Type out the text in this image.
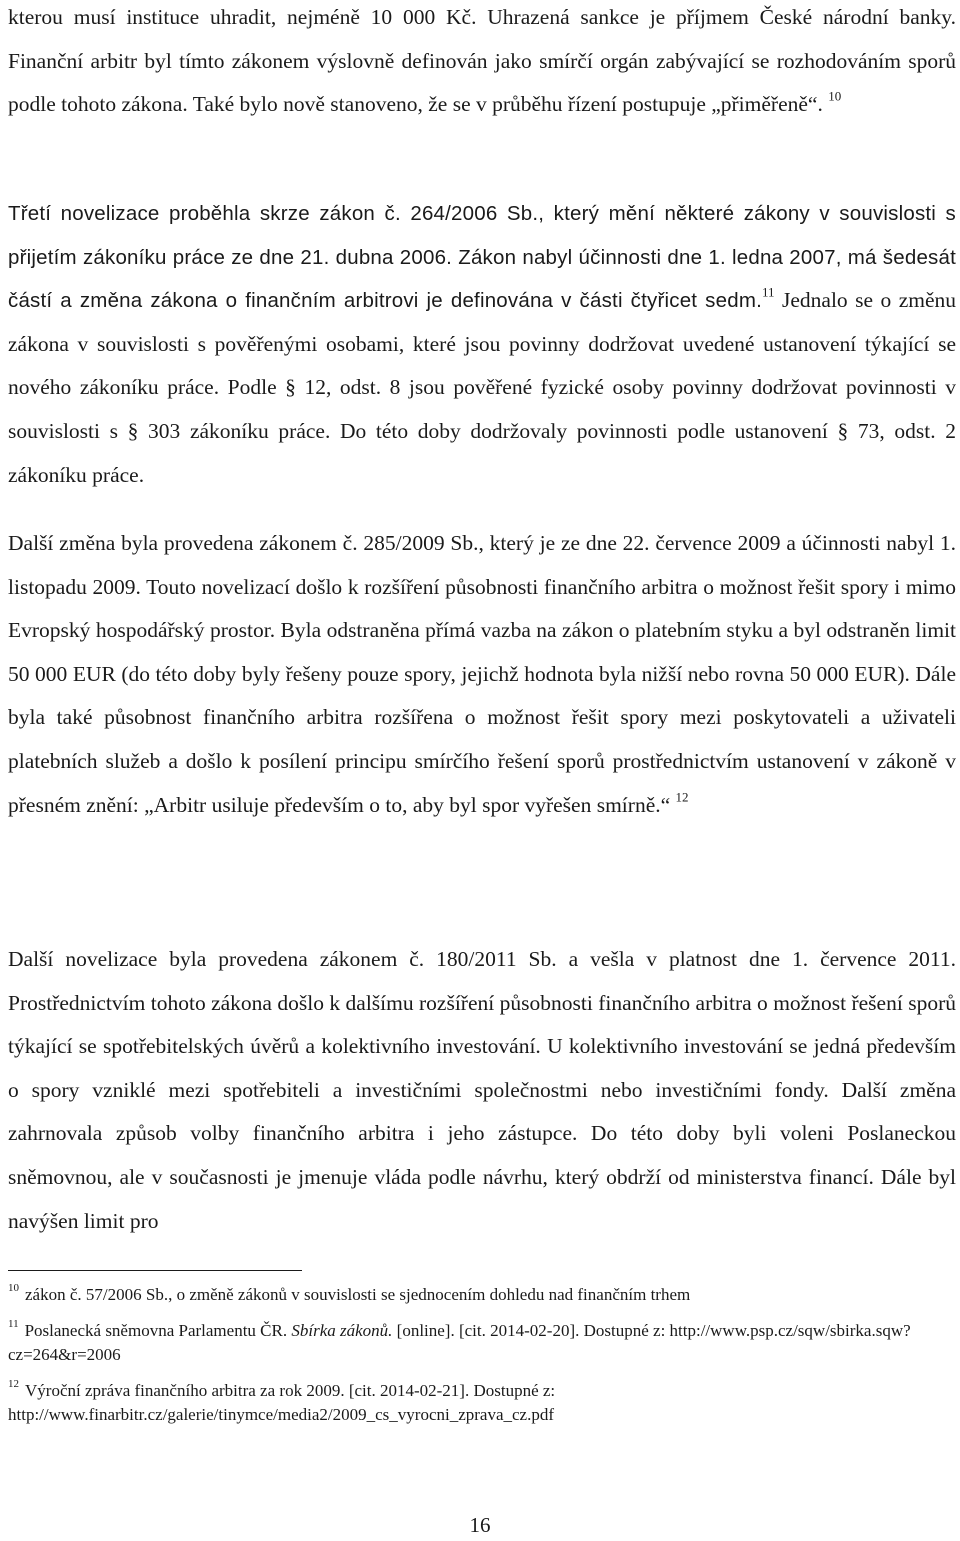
kterou musí instituce uhradit, nejméně 10 000 Kč. Uhrazená sankce je příjmem České národní banky. Finanční arbitr byl tímto zákonem výslovně definován jako smírčí orgán zabývající se rozhodováním sporů podle tohoto zákona. Také bylo nově stanoveno, že se v průběhu řízení postupuje „přiměřeně“. $^{10}$

Třetí novelizace proběhla skrze zákon č. 264/2006 Sb., který mění některé zákony v souvislosti s přijetím zákoníku práce ze dne 21. dubna 2006. Zákon nabyl účinnosti dne 1. ledna 2007, má šedesát částí a změna zákona o finančním arbitrovi je definována v části čtyřicet sedm.$^{11}$ Jednalo se o změnu zákona v souvislosti s pověřenými osobami, které jsou povinny dodržovat uvedené ustanovení týkající se nového zákoníku práce. Podle § 12, odst. 8 jsou pověřené fyzické osoby povinny dodržovat povinnosti v souvislosti s § 303 zákoníku práce. Do této doby dodržovaly povinnosti podle ustanovení § 73, odst. 2 zákoníku práce.

Další změna byla provedena zákonem č. 285/2009 Sb., který je ze dne 22. července 2009 a účinnosti nabyl 1. listopadu 2009. Touto novelizací došlo k rozšíření působnosti finančního arbitra o možnost řešit spory i mimo Evropský hospodářský prostor. Byla odstraněna přímá vazba na zákon o platebním styku a byl odstraněn limit 50 000 EUR (do této doby byly řešeny pouze spory, jejichž hodnota byla nižší nebo rovna 50 000 EUR). Dále byla také působnost finančního arbitra rozšířena o možnost řešit spory mezi poskytovateli a uživateli platebních služeb a došlo k posílení principu smírčího řešení sporů prostřednictvím ustanovení v zákoně v přesném znění: „Arbitr usiluje především o to, aby byl spor vyřešen smírně.“ $^{12}$

Další novelizace byla provedena zákonem č. 180/2011 Sb. a vešla v platnost dne 1. července 2011. Prostřednictvím tohoto zákona došlo k dalšímu rozšíření působnosti finančního arbitra o možnost řešení sporů týkající se spotřebitelských úvěrů a kolektivního investování. U kolektivního investování se jedná především o spory vzniklé mezi spotřebiteli a investičními společnostmi nebo investičními fondy. Další změna zahrnovala způsob volby finančního arbitra i jeho zástupce. Do této doby byli voleni Poslaneckou sněmovnou, ale v současnosti je jmenuje vláda podle návrhu, který obdrží od ministerstva financí. Dále byl navýšen limit pro

$^{10}$ zákon č. 57/2006 Sb., o změně zákonů v souvislosti se sjednocením dohledu nad finančním trhem

$^{11}$ Poslanecká sněmovna Parlamentu ČR. Sbírka zákonů. [online]. [cit. 2014-02-20]. Dostupné z: http://www.psp.cz/sqw/sbirka.sqw?cz=264&r=2006

$^{12}$ Výroční zpráva finančního arbitra za rok 2009. [cit. 2014-02-21]. Dostupné z: http://www.finarbitr.cz/galerie/tinymce/media2/2009_cs_vyrocni_zprava_cz.pdf

16
